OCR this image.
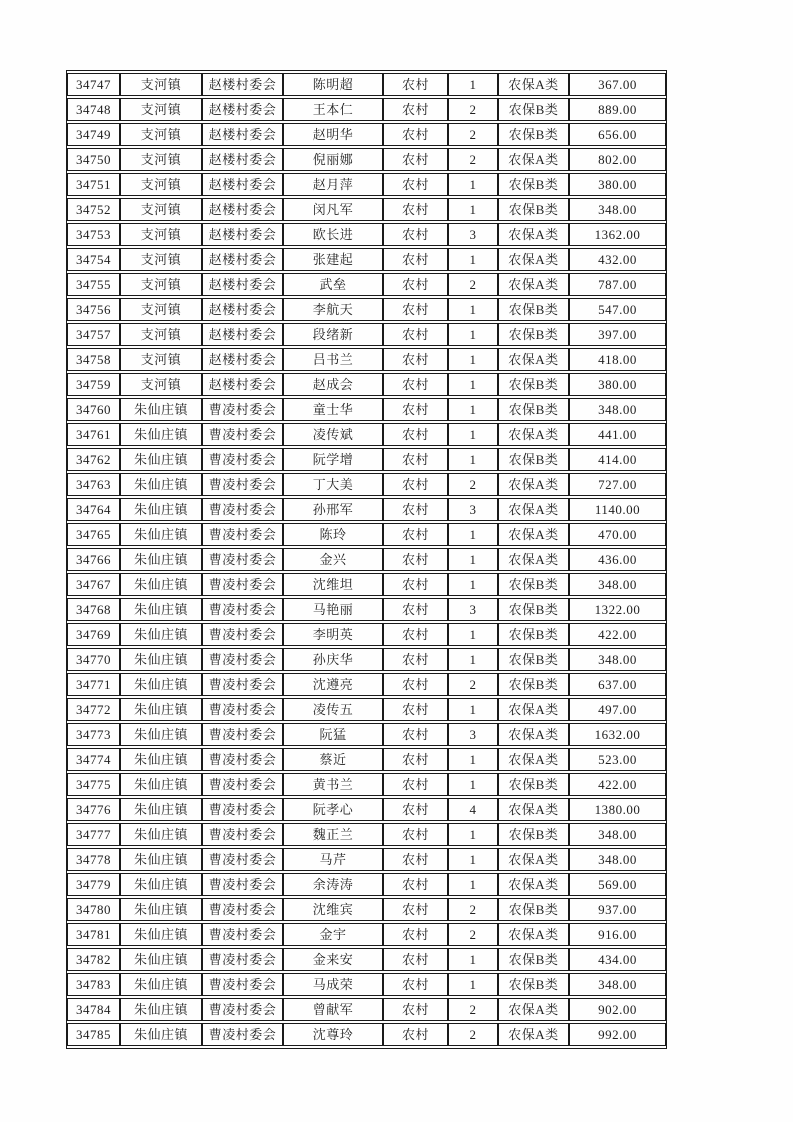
34747	支河镇	赵楼村委会	陈明超	农村	1	农保A类	367.00
34748	支河镇	赵楼村委会	王本仁	农村	2	农保B类	889.00
34749	支河镇	赵楼村委会	赵明华	农村	2	农保B类	656.00
34750	支河镇	赵楼村委会	倪丽娜	农村	2	农保A类	802.00
34751	支河镇	赵楼村委会	赵月萍	农村	1	农保B类	380.00
34752	支河镇	赵楼村委会	闵凡军	农村	1	农保B类	348.00
34753	支河镇	赵楼村委会	欧长进	农村	3	农保A类	1362.00
34754	支河镇	赵楼村委会	张建起	农村	1	农保A类	432.00
34755	支河镇	赵楼村委会	武垒	农村	2	农保A类	787.00
34756	支河镇	赵楼村委会	李航天	农村	1	农保B类	547.00
34757	支河镇	赵楼村委会	段绪新	农村	1	农保B类	397.00
34758	支河镇	赵楼村委会	吕书兰	农村	1	农保A类	418.00
34759	支河镇	赵楼村委会	赵成会	农村	1	农保B类	380.00
34760	朱仙庄镇	曹凌村委会	童士华	农村	1	农保B类	348.00
34761	朱仙庄镇	曹凌村委会	凌传斌	农村	1	农保A类	441.00
34762	朱仙庄镇	曹凌村委会	阮学增	农村	1	农保B类	414.00
34763	朱仙庄镇	曹凌村委会	丁大美	农村	2	农保A类	727.00
34764	朱仙庄镇	曹凌村委会	孙邢军	农村	3	农保A类	1140.00
34765	朱仙庄镇	曹凌村委会	陈玲	农村	1	农保A类	470.00
34766	朱仙庄镇	曹凌村委会	金兴	农村	1	农保A类	436.00
34767	朱仙庄镇	曹凌村委会	沈维坦	农村	1	农保B类	348.00
34768	朱仙庄镇	曹凌村委会	马艳丽	农村	3	农保B类	1322.00
34769	朱仙庄镇	曹凌村委会	李明英	农村	1	农保B类	422.00
34770	朱仙庄镇	曹凌村委会	孙庆华	农村	1	农保B类	348.00
34771	朱仙庄镇	曹凌村委会	沈遵亮	农村	2	农保B类	637.00
34772	朱仙庄镇	曹凌村委会	凌传五	农村	1	农保A类	497.00
34773	朱仙庄镇	曹凌村委会	阮猛	农村	3	农保A类	1632.00
34774	朱仙庄镇	曹凌村委会	蔡近	农村	1	农保A类	523.00
34775	朱仙庄镇	曹凌村委会	黄书兰	农村	1	农保B类	422.00
34776	朱仙庄镇	曹凌村委会	阮孝心	农村	4	农保A类	1380.00
34777	朱仙庄镇	曹凌村委会	魏正兰	农村	1	农保B类	348.00
34778	朱仙庄镇	曹凌村委会	马芹	农村	1	农保A类	348.00
34779	朱仙庄镇	曹凌村委会	余涛涛	农村	1	农保A类	569.00
34780	朱仙庄镇	曹凌村委会	沈维宾	农村	2	农保B类	937.00
34781	朱仙庄镇	曹凌村委会	金宇	农村	2	农保A类	916.00
34782	朱仙庄镇	曹凌村委会	金来安	农村	1	农保B类	434.00
34783	朱仙庄镇	曹凌村委会	马成荣	农村	1	农保B类	348.00
34784	朱仙庄镇	曹凌村委会	曾献军	农村	2	农保A类	902.00
34785	朱仙庄镇	曹凌村委会	沈尊玲	农村	2	农保A类	992.00
